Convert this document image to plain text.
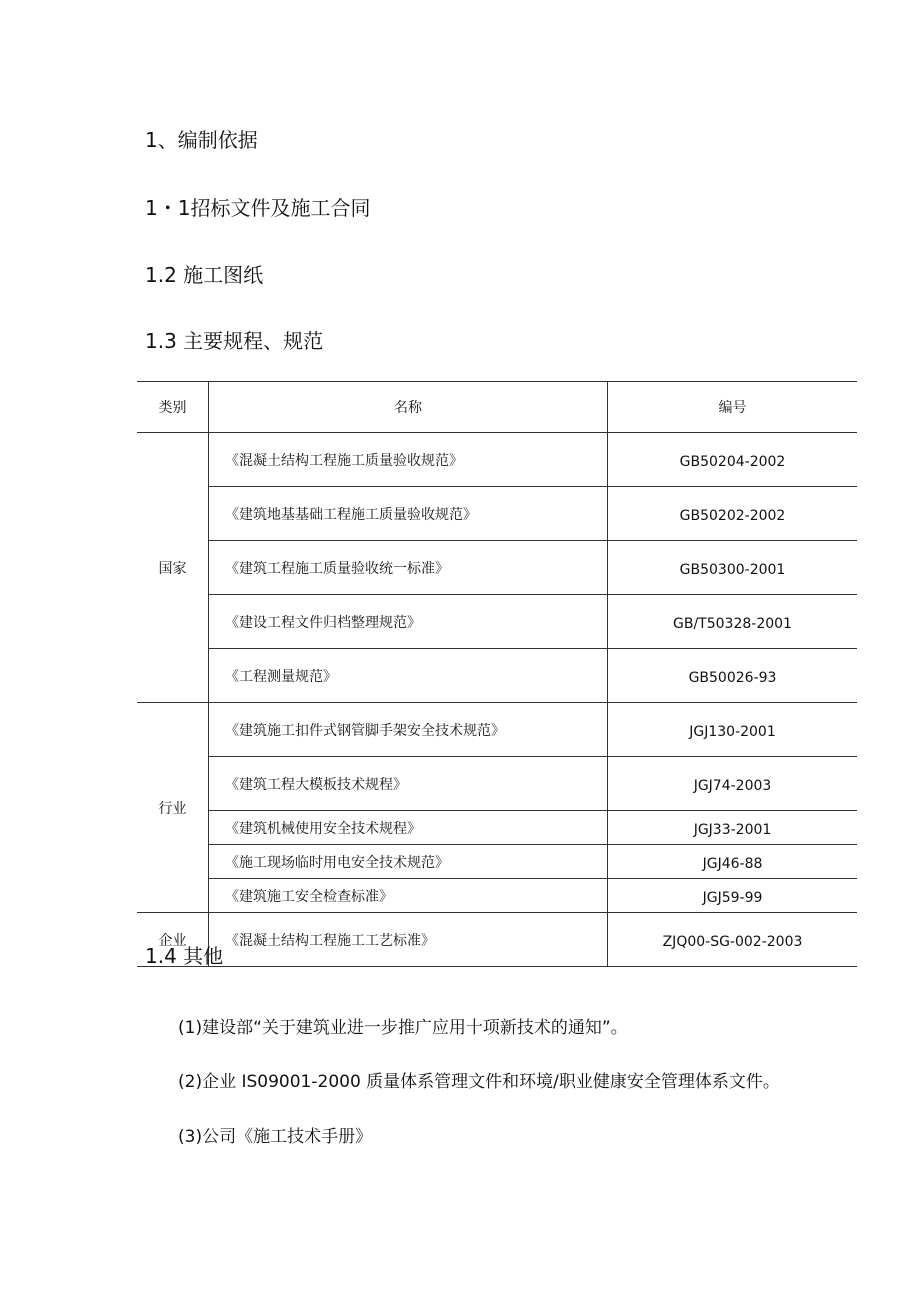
1、编制依据
1・1招标文件及施工合同
1.2 施工图纸
1.3 主要规程、规范
类别	名称	编号
国家	《混凝土结构工程施工质量验收规范》	GB50204-2002
	《建筑地基基础工程施工质量验收规范》	GB50202-2002
	《建筑工程施工质量验收统一标准》	GB50300-2001
	《建设工程文件归档整理规范》	GB/T50328-2001
	《工程测量规范》	GB50026-93
行业	《建筑施工扣件式钢管脚手架安全技术规范》	JGJ130-2001
	《建筑工程大模板技术规程》	JGJ74-2003
	《建筑机械使用安全技术规程》	JGJ33-2001
	《施工现场临时用电安全技术规范》	JGJ46-88
	《建筑施工安全检查标准》	JGJ59-99
企业	《混凝土结构工程施工工艺标准》	ZJQ00-SG-002-2003
1.4 其他

(1)建设部“关于建筑业进一步推广应用十项新技术的通知”。

(2)企业 IS09001-2000 质量体系管理文件和环境/职业健康安全管理体系文件。

(3)公司《施工技术手册》
